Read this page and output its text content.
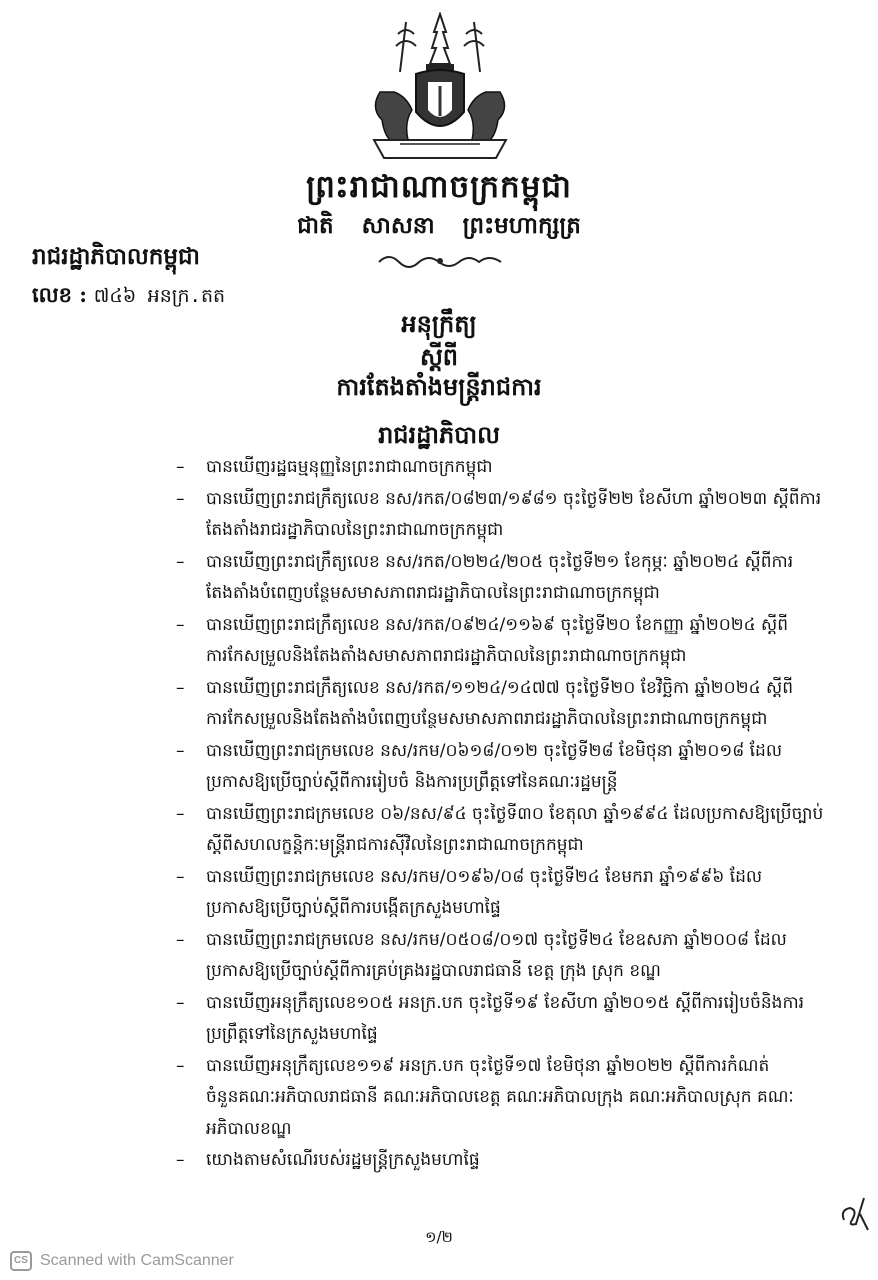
ព្រះរាជាណាចក្រកម្ពុជា
ជាតិ សាសនា ព្រះមហាក្សត្រ
រាជរដ្ឋាភិបាលកម្ពុជា
លេខ : ៧៤៦ អនក្រ.តត
អនុក្រឹត្យ
ស្តីពី
ការតែងតាំងមន្ត្រីរាជការ
រាជរដ្ឋាភិបាល
– បានឃើញរដ្ឋធម្មនុញ្ញនៃព្រះរាជាណាចក្រកម្ពុជា
– បានឃើញព្រះរាជក្រឹត្យលេខ នស/រកត/០៨២៣/១៩៨១ ចុះថ្ងៃទី២២ ខែសីហា ឆ្នាំ២០២៣ ស្តីពីការតែងតាំងរាជរដ្ឋាភិបាលនៃព្រះរាជាណាចក្រកម្ពុជា
– បានឃើញព្រះរាជក្រឹត្យលេខ នស/រកត/០២២៤/២០៥ ចុះថ្ងៃទី២១ ខែកុម្ភៈ ឆ្នាំ២០២៤ ស្តីពីការតែងតាំងបំពេញបន្ថែមសមាសភាពរាជរដ្ឋាភិបាលនៃព្រះរាជាណាចក្រកម្ពុជា
– បានឃើញព្រះរាជក្រឹត្យលេខ នស/រកត/០៩២៤/១១៦៩ ចុះថ្ងៃទី២០ ខែកញ្ញា ឆ្នាំ២០២៤ ស្តីពីការកែសម្រួលនិងតែងតាំងសមាសភាពរាជរដ្ឋាភិបាលនៃព្រះរាជាណាចក្រកម្ពុជា
– បានឃើញព្រះរាជក្រឹត្យលេខ នស/រកត/១១២៤/១៤៧៧ ចុះថ្ងៃទី២០ ខែវិច្ឆិកា ឆ្នាំ២០២៤ ស្តីពីការកែសម្រួលនិងតែងតាំងបំពេញបន្ថែមសមាសភាពរាជរដ្ឋាភិបាលនៃព្រះរាជាណាចក្រកម្ពុជា
– បានឃើញព្រះរាជក្រមលេខ នស/រកម/០៦១៨/០១២ ចុះថ្ងៃទី២៨ ខែមិថុនា ឆ្នាំ២០១៨ ដែលប្រកាសឱ្យប្រើច្បាប់ស្តីពីការរៀបចំ និងការប្រព្រឹត្តទៅនៃគណៈរដ្ឋមន្ត្រី
– បានឃើញព្រះរាជក្រមលេខ ០៦/នស/៩៤ ចុះថ្ងៃទី៣០ ខែតុលា ឆ្នាំ១៩៩៤ ដែលប្រកាសឱ្យប្រើច្បាប់ស្តីពីសហលក្ខន្តិកៈមន្ត្រីរាជការស៊ីវិលនៃព្រះរាជាណាចក្រកម្ពុជា
– បានឃើញព្រះរាជក្រមលេខ នស/រកម/០១៩៦/០៨ ចុះថ្ងៃទី២៤ ខែមករា ឆ្នាំ១៩៩៦ ដែលប្រកាសឱ្យប្រើច្បាប់ស្តីពីការបង្កើតក្រសួងមហាផ្ទៃ
– បានឃើញព្រះរាជក្រមលេខ នស/រកម/០៥០៨/០១៧ ចុះថ្ងៃទី២៤ ខែឧសភា ឆ្នាំ២០០៨ ដែលប្រកាសឱ្យប្រើច្បាប់ស្តីពីការគ្រប់គ្រងរដ្ឋបាលរាជធានី ខេត្ត ក្រុង ស្រុក ខណ្ឌ
– បានឃើញអនុក្រឹត្យលេខ១០៥ អនក្រ.បក ចុះថ្ងៃទី១៩ ខែសីហា ឆ្នាំ២០១៥ ស្តីពីការរៀបចំនិងការប្រព្រឹត្តទៅនៃក្រសួងមហាផ្ទៃ
– បានឃើញអនុក្រឹត្យលេខ១១៩ អនក្រ.បក ចុះថ្ងៃទី១៧ ខែមិថុនា ឆ្នាំ២០២២ ស្តីពីការកំណត់ចំនួនគណៈអភិបាលរាជធានី គណៈអភិបាលខេត្ត គណៈអភិបាលក្រុង គណៈអភិបាលស្រុក គណៈអភិបាលខណ្ឌ
– យោងតាមសំណើរបស់រដ្ឋមន្ត្រីក្រសួងមហាផ្ទៃ
១/២
CS Scanned with CamScanner
